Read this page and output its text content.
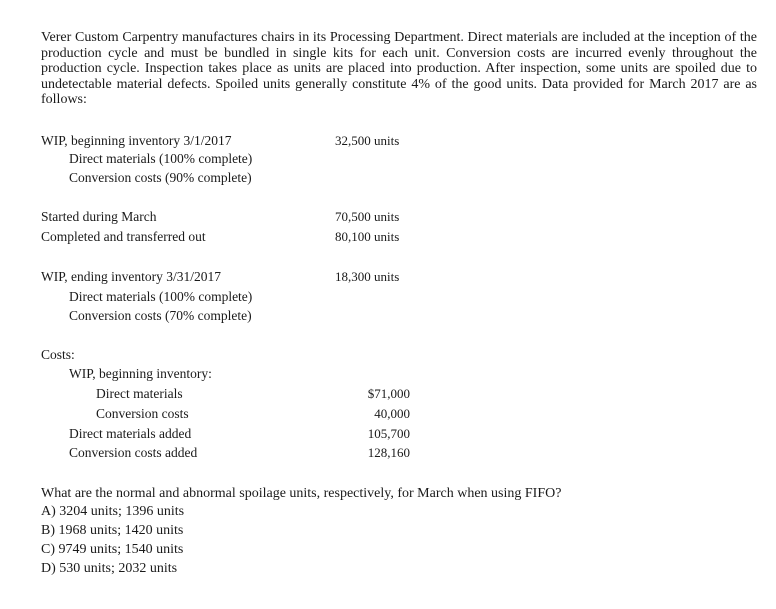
Verer Custom Carpentry manufactures chairs in its Processing Department. Direct materials are included at the inception of the production cycle and must be bundled in single kits for each unit. Conversion costs are incurred evenly throughout the production cycle. Inspection takes place as units are placed into production. After inspection, some units are spoiled due to undetectable material defects. Spoiled units generally constitute 4% of the good units. Data provided for March 2017 are as follows:

WIP, beginning inventory 3/1/2017	32,500 units
Direct materials (100% complete)
Conversion costs (90% complete)
Started during March	70,500 units
Completed and transferred out	80,100 units
WIP, ending inventory 3/31/2017	18,300 units
Direct materials (100% complete)
Conversion costs (70% complete)
Costs:
WIP, beginning inventory:
Direct materials	$71,000
Conversion costs	40,000
Direct materials added	105,700
Conversion costs added	128,160
What are the normal and abnormal spoilage units, respectively, for March when using FIFO?
A) 3204 units; 1396 units
B) 1968 units; 1420 units
C) 9749 units; 1540 units
D) 530 units; 2032 units
